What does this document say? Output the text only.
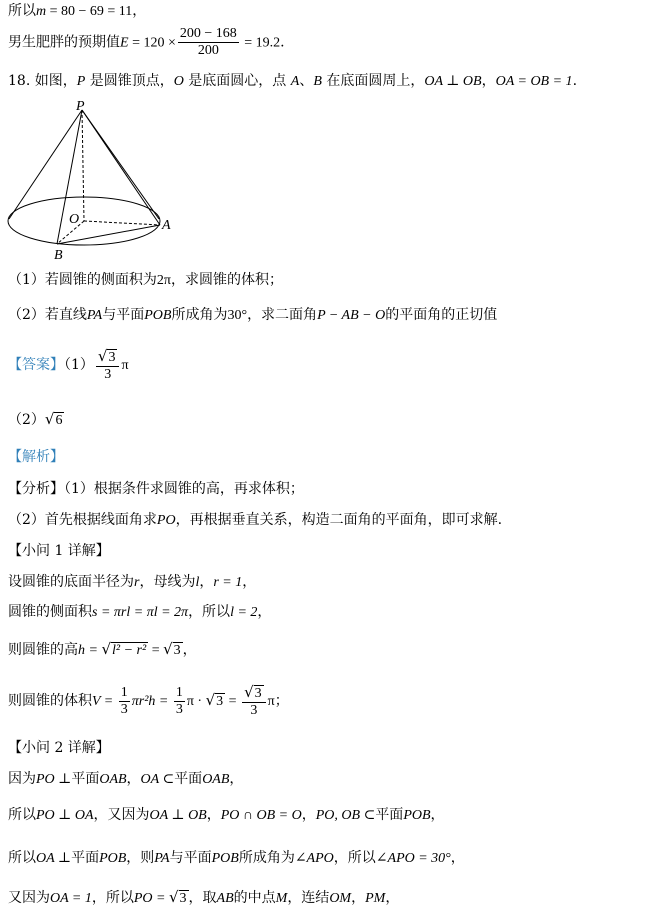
所以m = 80 − 69 = 11，
男生肥胖的预期值$E = 120 \times \frac{200 - 168}{200} = 19.2$.
18. 如图，P 是圆锥顶点，O 是底面圆心，点 A、B 在底面圆周上，OA ⊥ OB，OA = OB = 1.
P
O	A
B
（1）若圆锥的侧面积为2π，求圆锥的体积；
（2）若直线PA与平面POB所成角为30°，求二面角P − AB − O的平面角的正切值
【答案】$(1) \frac{√3}{3}$ π
（2）√6
【解析】
【分析】（1）根据条件求圆锥的高，再求体积；
（2）首先根据线面角求PO，再根据垂直关系，构造二面角的平面角，即可求解.
【小问 1 详解】
设圆锥的底面半径为r，母线为l，r = 1，
圆锥的侧面积s = πrl = πl = 2π，所以l = 2，
则圆锥的高h = √l² − r² = √3 ，
则圆锥的体积$V = \frac{1}{3} \pi r^2h = \frac{1}{3}$ $\pi \cdot √3 = \frac{√3}{3}$ π；
【小问 2 详解】
因为PO ⊥平面OAB，OA ⊂平面OAB，
所以PO ⊥ OA，又因为OA ⊥ OB，PO ∩ OB = O，PO, OB ⊂平面POB，
所以OA ⊥平面POB，则PA与平面POB所成角为∠APO，所以∠APO = 30°，
又因为OA = 1，所以PO = √3 ，取AB的中点M，连结OM，PM，
